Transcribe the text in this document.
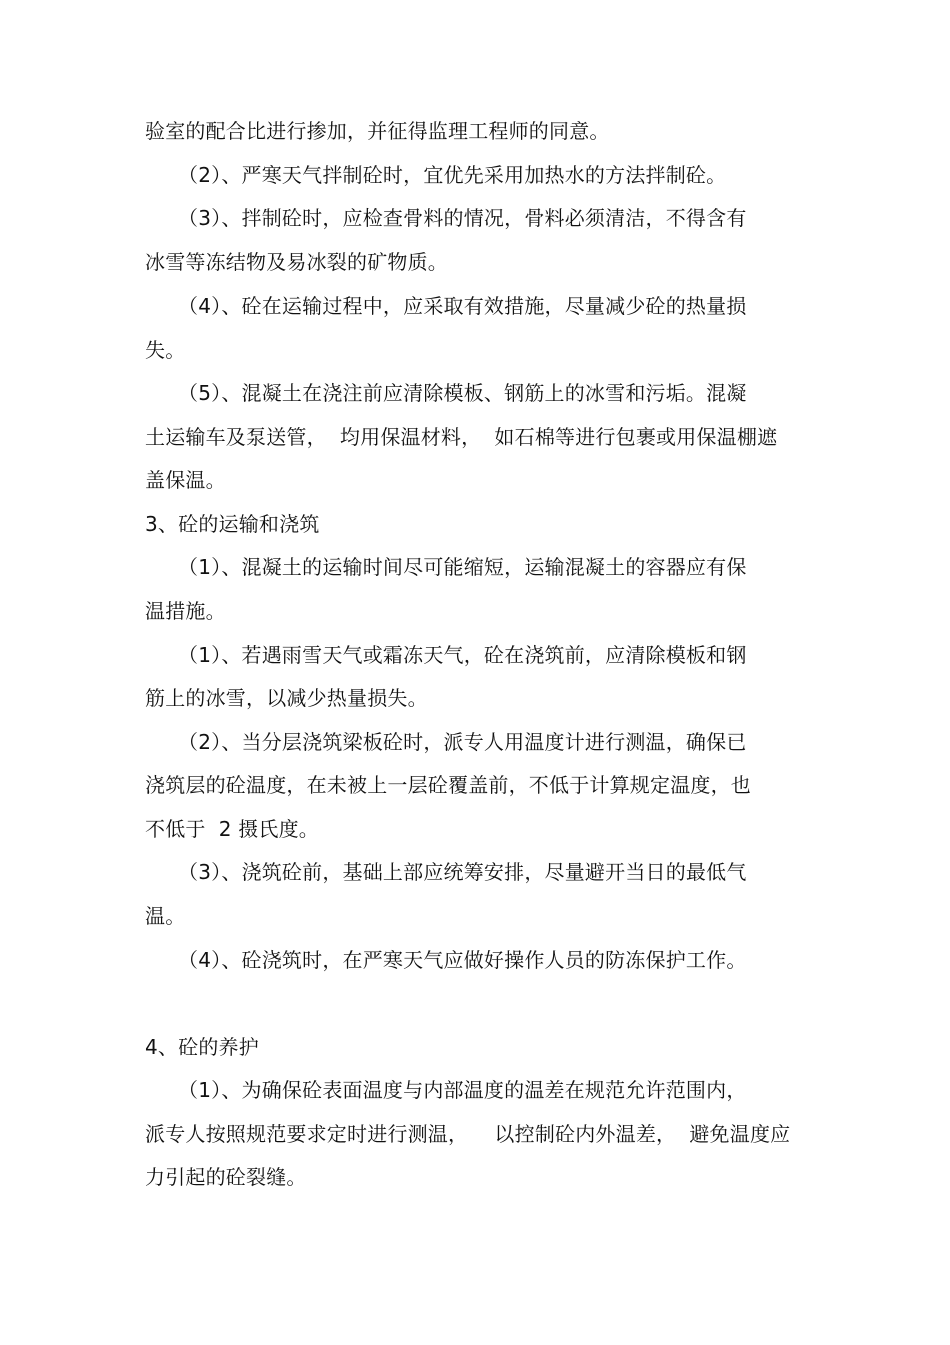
验室的配合比进行掺加，并征得监理工程师的同意。
（2）、严寒天气拌制砼时，宜优先采用加热水的方法拌制砼。
（3）、拌制砼时，应检查骨料的情况，骨料必须清洁，不得含有
冰雪等冻结物及易冰裂的矿物质。
（4）、砼在运输过程中，应采取有效措施，尽量减少砼的热量损
失。
（5）、混凝土在浇注前应清除模板、钢筋上的冰雪和污垢。混凝
土运输车及泵送管，  均用保温材料，  如石棉等进行包裹或用保温棚遮
盖保温。
3、砼的运输和浇筑
（1）、混凝土的运输时间尽可能缩短，运输混凝土的容器应有保
温措施。
（1）、若遇雨雪天气或霜冻天气，砼在浇筑前，应清除模板和钢
筋上的冰雪，以减少热量损失。
（2）、当分层浇筑梁板砼时，派专人用温度计进行测温，确保已
浇筑层的砼温度，在未被上一层砼覆盖前，不低于计算规定温度，也
不低于  2 摄氏度。
（3）、浇筑砼前，基础上部应统筹安排，尽量避开当日的最低气
温。
（4）、砼浇筑时，在严寒天气应做好操作人员的防冻保护工作。
4、砼的养护
（1）、为确保砼表面温度与内部温度的温差在规范允许范围内，
派专人按照规范要求定时进行测温，    以控制砼内外温差，  避免温度应
力引起的砼裂缝。
